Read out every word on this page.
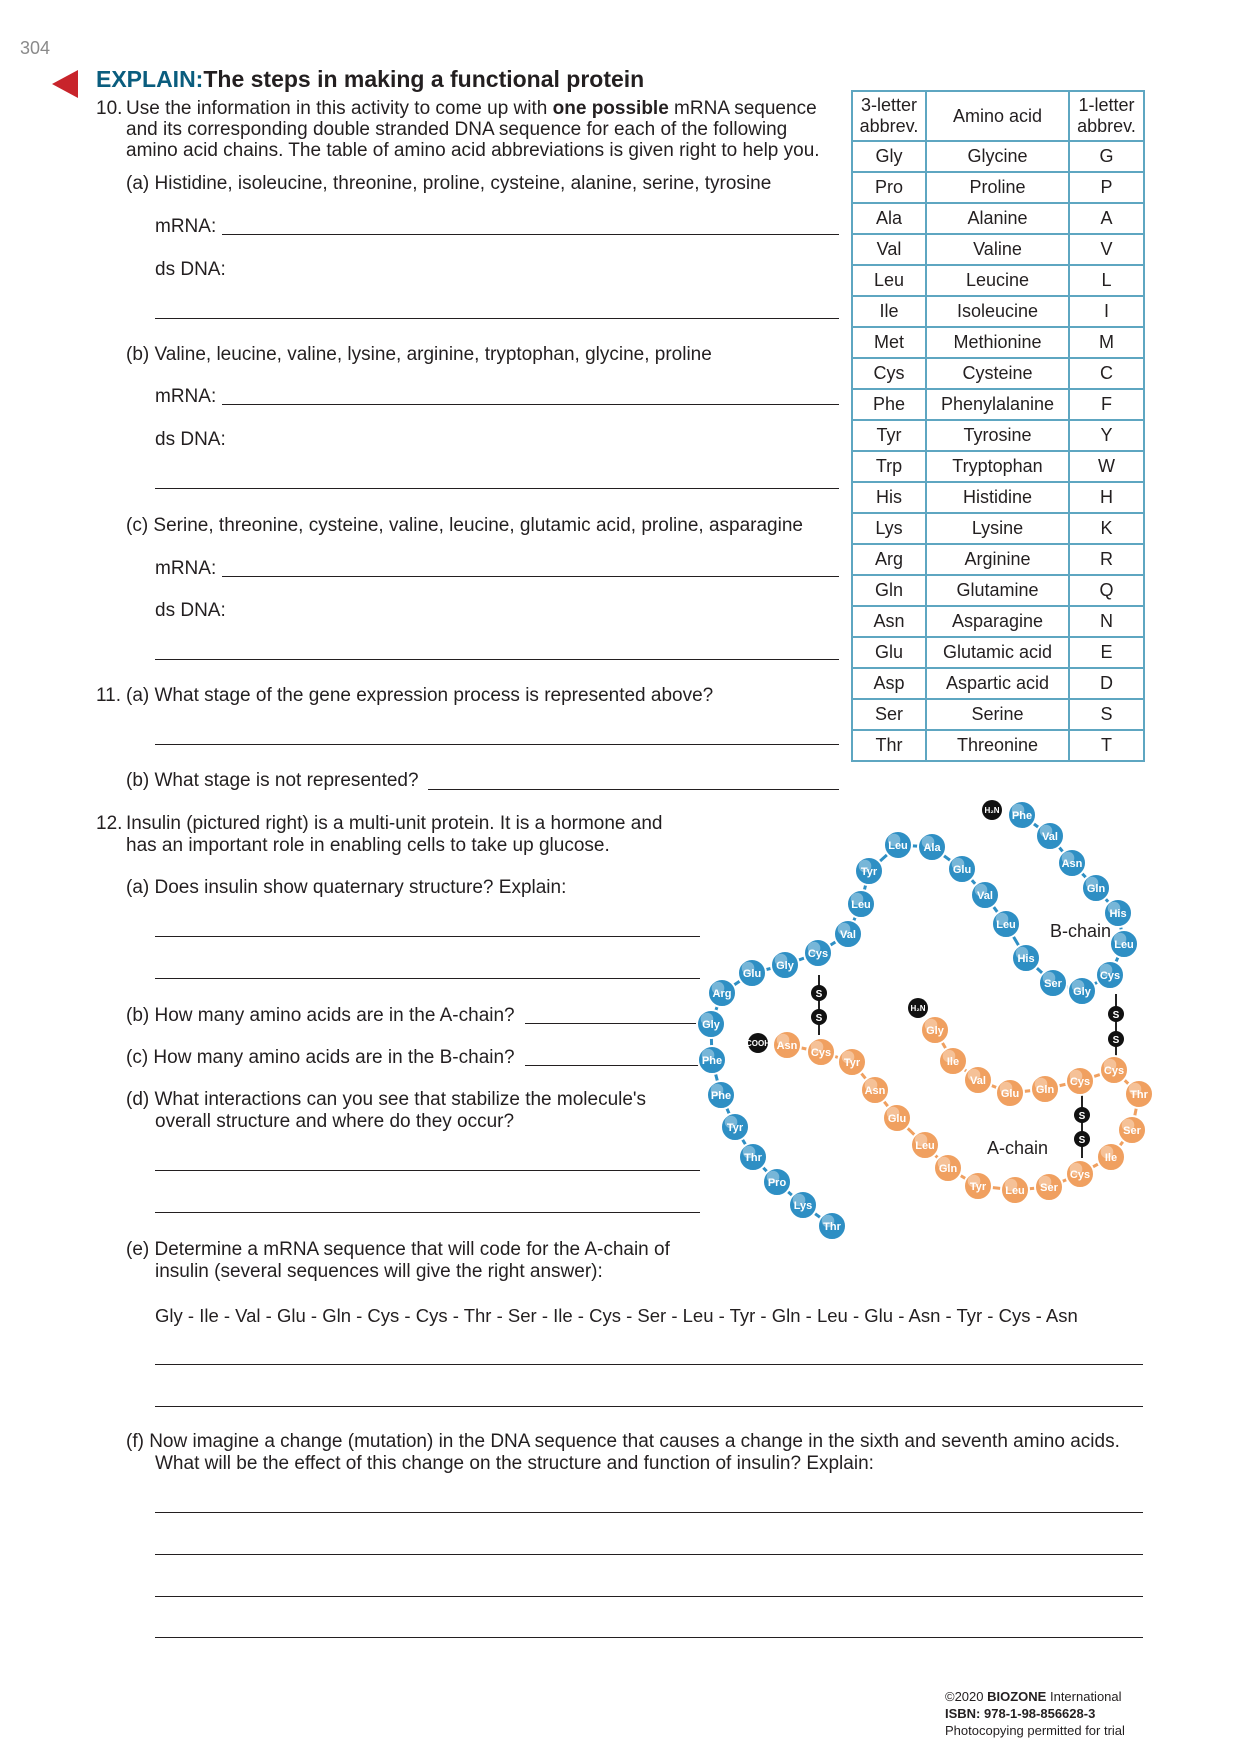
304
EXPLAIN:The steps in making a functional protein
10. Use the information in this activity to come up with one possible mRNA sequence
and its corresponding double stranded DNA sequence for each of the following
amino acid chains. The table of amino acid abbreviations is given right to help you.
(a) Histidine, isoleucine, threonine, proline, cysteine, alanine, serine, tyrosine
mRNA:
ds DNA:
(b) Valine, leucine, valine, lysine, arginine, tryptophan, glycine, proline
mRNA:
ds DNA:
(c) Serine, threonine, cysteine, valine, leucine, glutamic acid, proline, asparagine
mRNA:
ds DNA:
11. (a) What stage of the gene expression process is represented above?
(b) What stage is not represented?
12. Insulin (pictured right) is a multi-unit protein. It is a hormone and
has an important role in enabling cells to take up glucose.
(a) Does insulin show quaternary structure? Explain:
(b) How many amino acids are in the A-chain?
(c) How many amino acids are in the B-chain?
(d) What interactions can you see that stabilize the molecule's
overall structure and where do they occur?
(e) Determine a mRNA sequence that will code for the A-chain of
insulin (several sequences will give the right answer):
Gly - Ile - Val - Glu - Gln - Cys - Cys - Thr - Ser - Ile - Cys - Ser - Leu - Tyr - Gln - Leu - Glu - Asn - Tyr - Cys - Asn
(f) Now imagine a change (mutation) in the DNA sequence that causes a change in the sixth and seventh amino acids.
What will be the effect of this change on the structure and function of insulin? Explain:
3-letter abbrev.	Amino acid	1-letter abbrev.
Gly	Glycine	G
Pro	Proline	P
Ala	Alanine	A
Val	Valine	V
Leu	Leucine	L
Ile	Isoleucine	I
Met	Methionine	M
Cys	Cysteine	C
Phe	Phenylalanine	F
Tyr	Tyrosine	Y
Trp	Tryptophan	W
His	Histidine	H
Lys	Lysine	K
Arg	Arginine	R
Gln	Glutamine	Q
Asn	Asparagine	N
Glu	Glutamic acid	E
Asp	Aspartic acid	D
Ser	Serine	S
Thr	Threonine	T
S
S	S
S
S
S
Phe
Val
Asn
Gln
His
Leu
Cys
Gly
Ser
His
Leu
Val
Glu
Ala
Leu
Tyr
Leu
Val
Cys
Gly
Glu
Arg
Gly
Phe
Phe
Tyr
Thr
Pro
Lys
Thr
Gly
Ile
Val
Glu Gln
Cys
Cys
Thr
Ser
Ile
Cys
Ser
Leu
Tyr
Gln
Leu
Glu
Asn
Tyr
Cys
Asn
H₂N
H₂N
COOH
B-chain
A-chain
©2020 BIOZONE International
ISBN: 978-1-98-856628-3
Photocopying permitted for trial
